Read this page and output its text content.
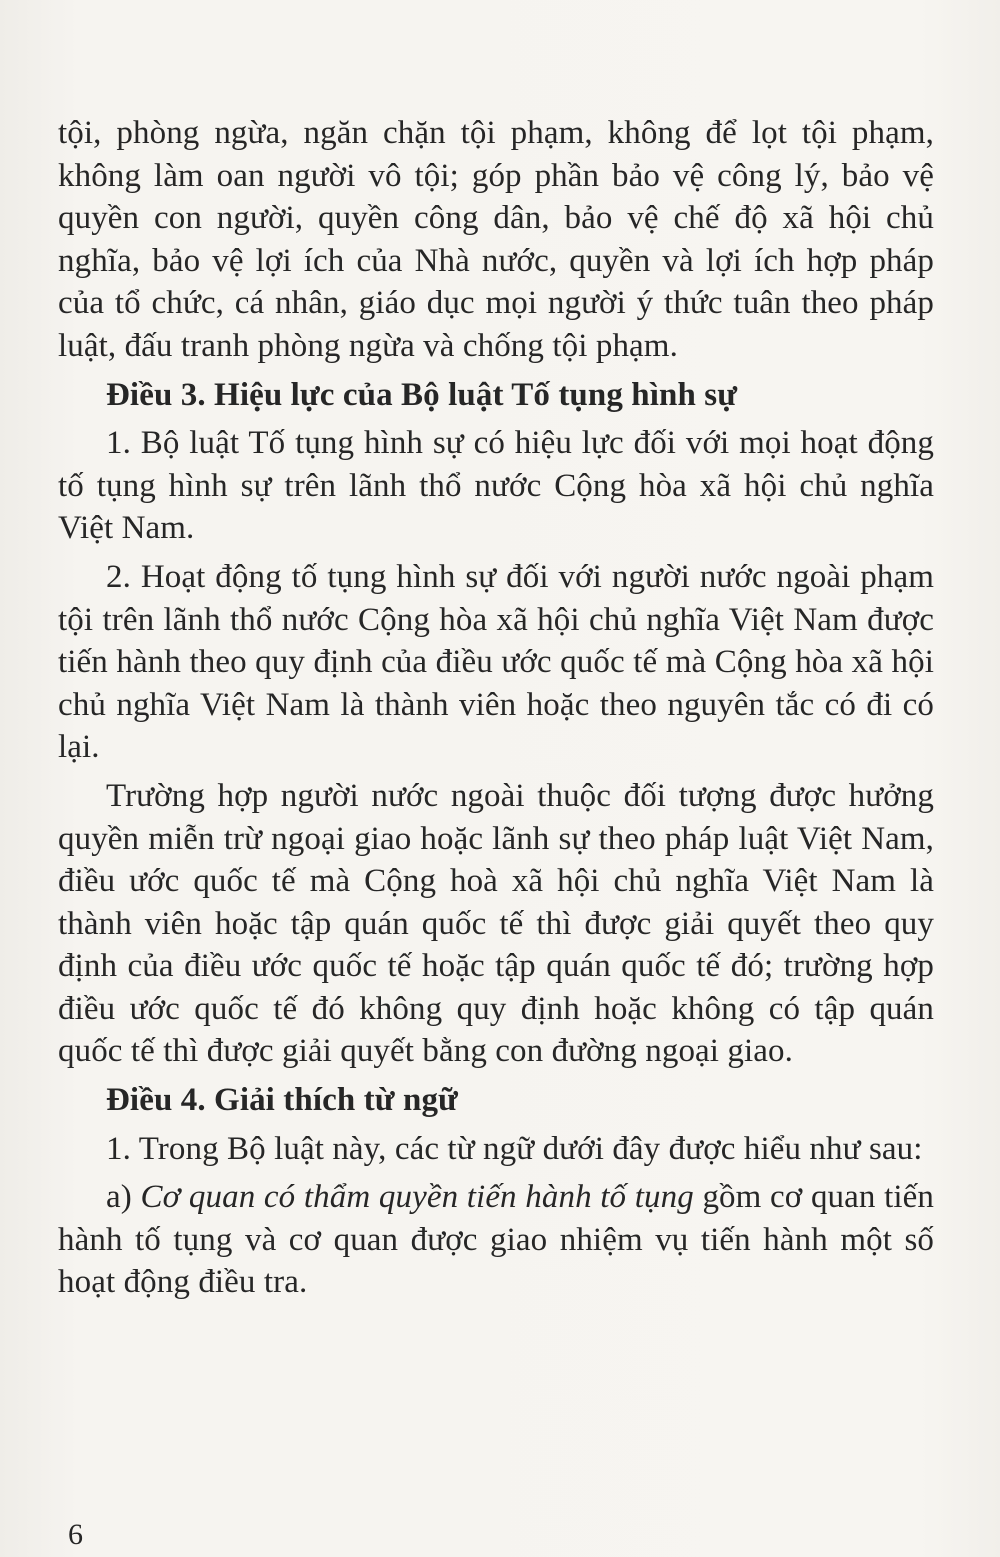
tội, phòng ngừa, ngăn chặn tội phạm, không để lọt tội phạm, không làm oan người vô tội; góp phần bảo vệ công lý, bảo vệ quyền con người, quyền công dân, bảo vệ chế độ xã hội chủ nghĩa, bảo vệ lợi ích của Nhà nước, quyền và lợi ích hợp pháp của tổ chức, cá nhân, giáo dục mọi người ý thức tuân theo pháp luật, đấu tranh phòng ngừa và chống tội phạm.

Điều 3. Hiệu lực của Bộ luật Tố tụng hình sự

1. Bộ luật Tố tụng hình sự có hiệu lực đối với mọi hoạt động tố tụng hình sự trên lãnh thổ nước Cộng hòa xã hội chủ nghĩa Việt Nam.

2. Hoạt động tố tụng hình sự đối với người nước ngoài phạm tội trên lãnh thổ nước Cộng hòa xã hội chủ nghĩa Việt Nam được tiến hành theo quy định của điều ước quốc tế mà Cộng hòa xã hội chủ nghĩa Việt Nam là thành viên hoặc theo nguyên tắc có đi có lại.

Trường hợp người nước ngoài thuộc đối tượng được hưởng quyền miễn trừ ngoại giao hoặc lãnh sự theo pháp luật Việt Nam, điều ước quốc tế mà Cộng hoà xã hội chủ nghĩa Việt Nam là thành viên hoặc tập quán quốc tế thì được giải quyết theo quy định của điều ước quốc tế hoặc tập quán quốc tế đó; trường hợp điều ước quốc tế đó không quy định hoặc không có tập quán quốc tế thì được giải quyết bằng con đường ngoại giao.

Điều 4. Giải thích từ ngữ

1. Trong Bộ luật này, các từ ngữ dưới đây được hiểu như sau:

a) Cơ quan có thẩm quyền tiến hành tố tụng gồm cơ quan tiến hành tố tụng và cơ quan được giao nhiệm vụ tiến hành một số hoạt động điều tra.

6
